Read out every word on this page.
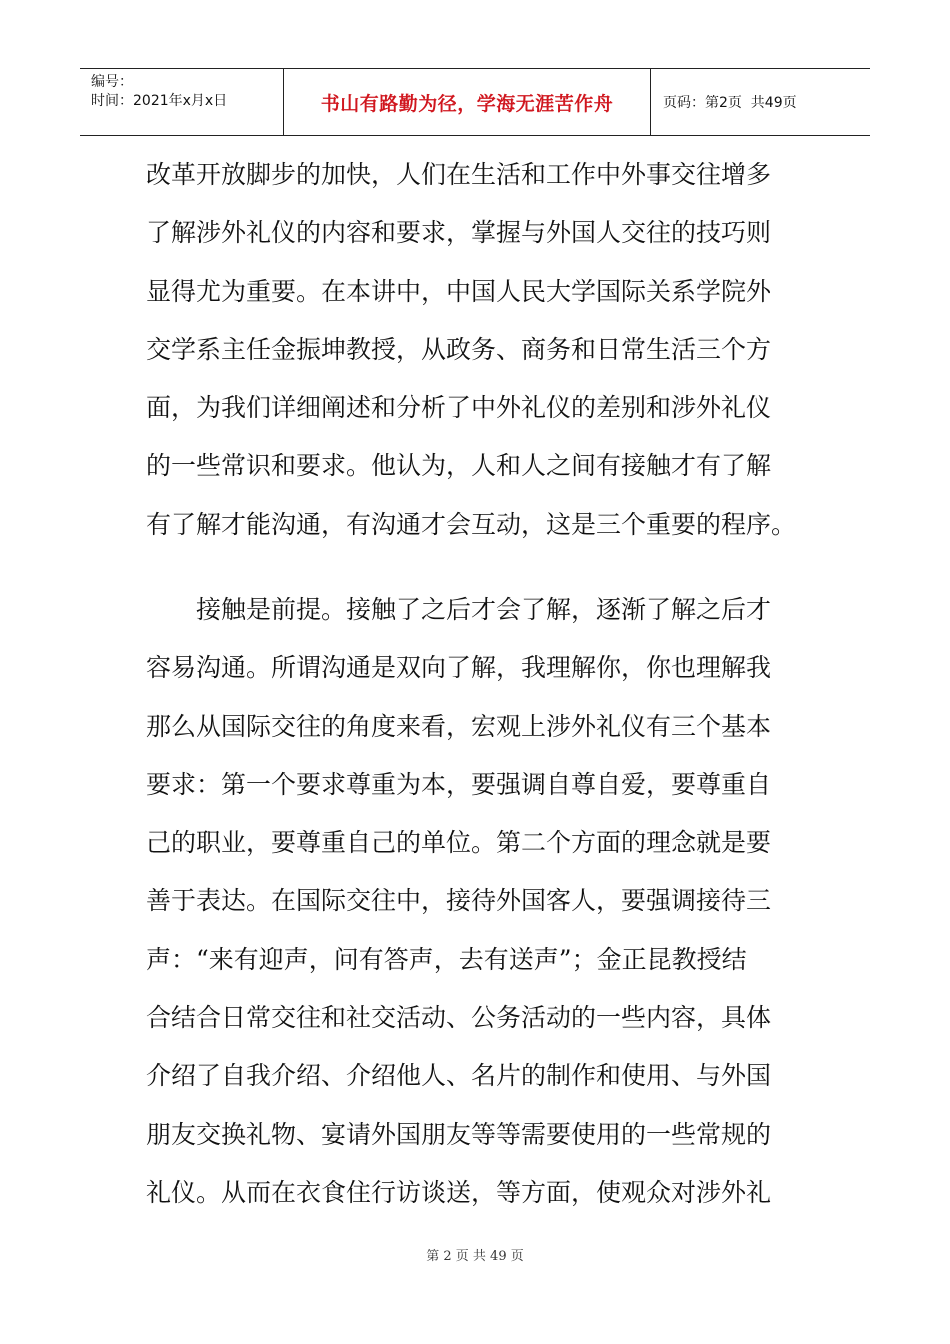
编号：
时间：2021年x月x日	书山有路勤为径，学海无涯苦作舟	页码：第2页  共49页
改革开放脚步的加快，人们在生活和工作中外事交往增多
了解涉外礼仪的内容和要求，掌握与外国人交往的技巧则
显得尤为重要。在本讲中，中国人民大学国际关系学院外
交学系主任金振坤教授，从政务、商务和日常生活三个方
面，为我们详细阐述和分析了中外礼仪的差别和涉外礼仪
的一些常识和要求。他认为，人和人之间有接触才有了解
有了解才能沟通，有沟通才会互动，这是三个重要的程序。
接触是前提。接触了之后才会了解，逐渐了解之后才
容易沟通。所谓沟通是双向了解，我理解你，你也理解我
那么从国际交往的角度来看，宏观上涉外礼仪有三个基本
要求：第一个要求尊重为本，要强调自尊自爱，要尊重自
己的职业，要尊重自己的单位。第二个方面的理念就是要
善于表达。在国际交往中，接待外国客人，要强调接待三
声：“来有迎声，问有答声，去有送声”；金正昆教授结
合结合日常交往和社交活动、公务活动的一些内容，具体
介绍了自我介绍、介绍他人、名片的制作和使用、与外国
朋友交换礼物、宴请外国朋友等等需要使用的一些常规的
礼仪。从而在衣食住行访谈送，等方面，使观众对涉外礼
第 2 页 共 49 页
